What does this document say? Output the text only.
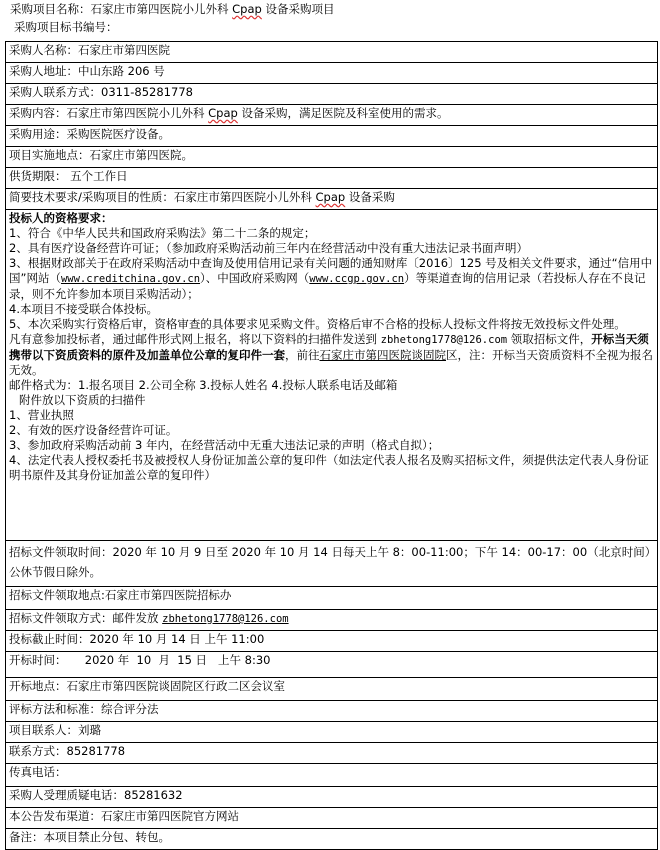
采购项目名称：石家庄市第四医院小儿外科 Cpap 设备采购项目
采购项目标书编号：
采购人名称：石家庄市第四医院
采购人地址：中山东路 206 号
采购人联系方式：0311-85281778
采购内容：石家庄市第四医院小儿外科 Cpap 设备采购，满足医院及科室使用的需求。
采购用途：采购医院医疗设备。
项目实施地点：石家庄市第四医院。
供货期限： 五个工作日
简要技术要求/采购项目的性质：石家庄市第四医院小儿外科 Cpap 设备采购

投标人的资格要求：
1、符合《中华人民共和国政府采购法》第二十二条的规定；
2、具有医疗设备经营许可证；（参加政府采购活动前三年内在经营活动中没有重大违法记录书面声明）
3、根据财政部关于在政府采购活动中查询及使用信用记录有关问题的通知财库〔2016〕125 号及相关文件要求，通过“信用中国”网站（www.creditchina.gov.cn）、中国政府采购网（www.ccgp.gov.cn）等渠道查询的信用记录（若投标人存在不良记录，则不允许参加本项目采购活动）；
4.本项目不接受联合体投标。
5、本次采购实行资格后审，资格审查的具体要求见采购文件。资格后审不合格的投标人投标文件将按无效投标文件处理。
凡有意参加投标者，通过邮件形式网上报名，将以下资料的扫描件发送到 zbhetong1778@126.com 领取招标文件，开标当天须携带以下资质资料的原件及加盖单位公章的复印件一套，前往石家庄市第四医院谈固院区，注：开标当天资质资料不全视为报名无效。
邮件格式为：1.报名项目 2.公司全称 3.投标人姓名 4.投标人联系电话及邮箱
附件放以下资质的扫描件
1、营业执照
2、有效的医疗设备经营许可证。
3、参加政府采购活动前 3 年内，在经营活动中无重大违法记录的声明（格式自拟）；
4、法定代表人授权委托书及被授权人身份证加盖公章的复印件（如法定代表人报名及购买招标文件，须提供法定代表人身份证明书原件及其身份证加盖公章的复印件）

招标文件领取时间：2020 年 10 月 9 日至 2020 年 10 月 14 日每天上午 8：00-11:00；下午 14：00-17：00（北京时间）公休节假日除外。
招标文件领取地点:石家庄市第四医院招标办
招标文件领取方式：邮件发放 zbhetong1778@126.com
投标截止时间：2020 年 10 月 14 日 上午 11:00
开标时间：     2020 年  10  月  15 日   上午 8:30
开标地点：石家庄市第四医院谈固院区行政二区会议室
评标方法和标准：综合评分法
项目联系人：刘璐
联系方式：85281778
传真电话：
采购人受理质疑电话：85281632
本公告发布渠道：石家庄市第四医院官方网站
备注：本项目禁止分包、转包。
